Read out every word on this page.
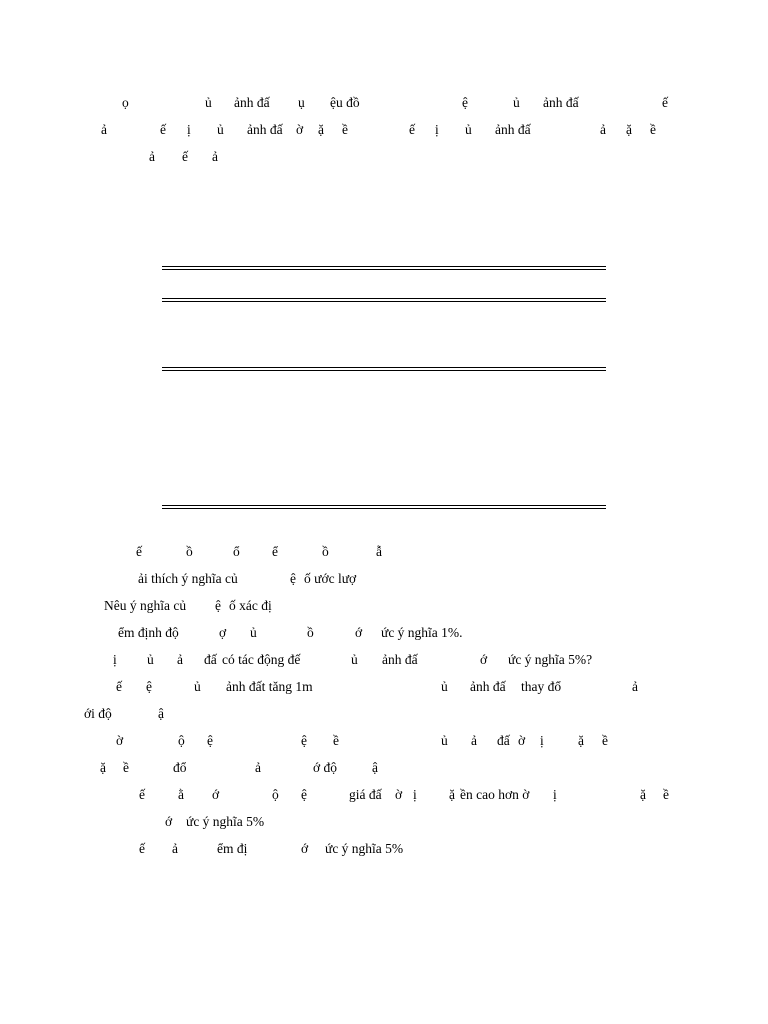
ọ	ủ ảnh đấ ụ ệu đồ	ệ	ủ ảnh đấ	ế
ả	ế ị ủ ảnh đấ ờ ặ ề	ế ị ủ ảnh đấ	ả ặ ề
ả ế ả
ế	ồ	ổ ể	ồ	ẫ
ải thích ý nghĩa củ	ệ ố ước lượ
Nêu ý nghĩa củ ệ ố xác đị
ểm định độ	ợ ủ	ồ	ớ ức ý nghĩa 1%.
ị ủ ả đấ có tác động đế	ủ ảnh đấ	ớ ức ý nghĩa 5%?
ế ệ	ủ ảnh đất tăng 1m	ủ ảnh đấ thay đổ	ả
ới độ	ậ
ờ	ộ ệ	ệ ề	ủ ả đấ ờ ị	ặ ề
ặ ề	đổ	ả	ớ độ	ậ
ế ằ ớ	ộ ệ	giá đấ ờ ị ặ ền cao hơn ờ ị	ặ ề
ớ ức ý nghĩa 5%
ế ả	ểm đị	ớ ức ý nghĩa 5%
